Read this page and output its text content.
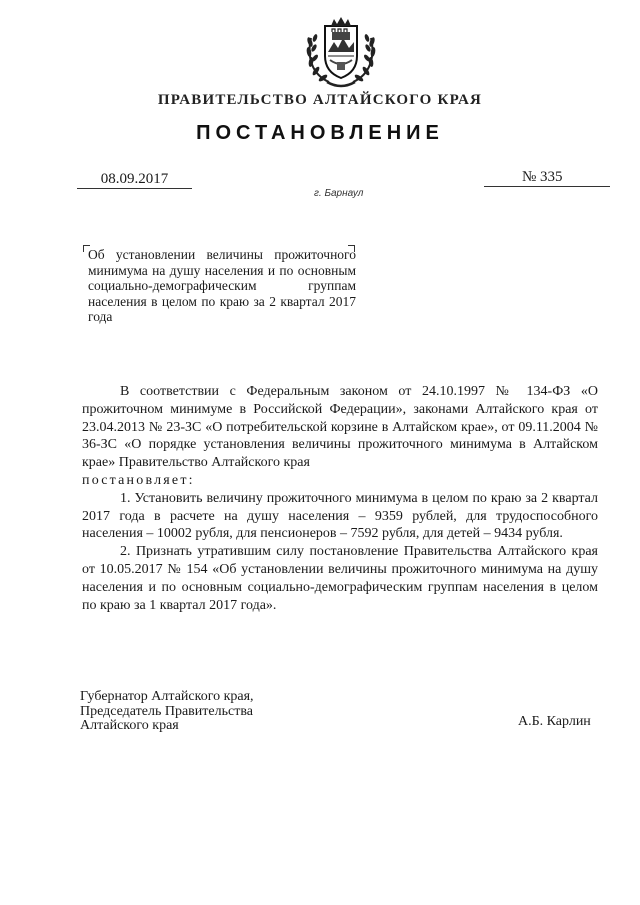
ПРАВИТЕЛЬСТВО АЛТАЙСКОГО КРАЯ
ПОСТАНОВЛЕНИЕ
08.09.2017	№ 335
г. Барнаул
Об установлении величины прожиточного минимума на душу населения и по основным социально-демографическим группам населения в целом по краю за 2 квартал 2017 года

В соответствии с Федеральным законом от 24.10.1997 № 134-ФЗ «О прожиточном минимуме в Российской Федерации», законами Алтайского края от 23.04.2013 № 23-ЗС «О потребительской корзине в Алтайском крае», от 09.11.2004 № 36-ЗС «О порядке установления величины прожиточного минимума в Алтайском крае» Правительство Алтайского края

постановляет:

1. Установить величину прожиточного минимума в целом по краю за 2 квартал 2017 года в расчете на душу населения – 9359 рублей, для трудоспособного населения – 10002 рубля, для пенсионеров – 7592 рубля, для детей – 9434 рубля.

2. Признать утратившим силу постановление Правительства Алтайского края от 10.05.2017 № 154 «Об установлении величины прожиточного минимума на душу населения и по основным социально-демографическим группам населения в целом по краю за 1 квартал 2017 года».

Губернатор Алтайского края,
Председатель Правительства
Алтайского края	А.Б. Карлин
